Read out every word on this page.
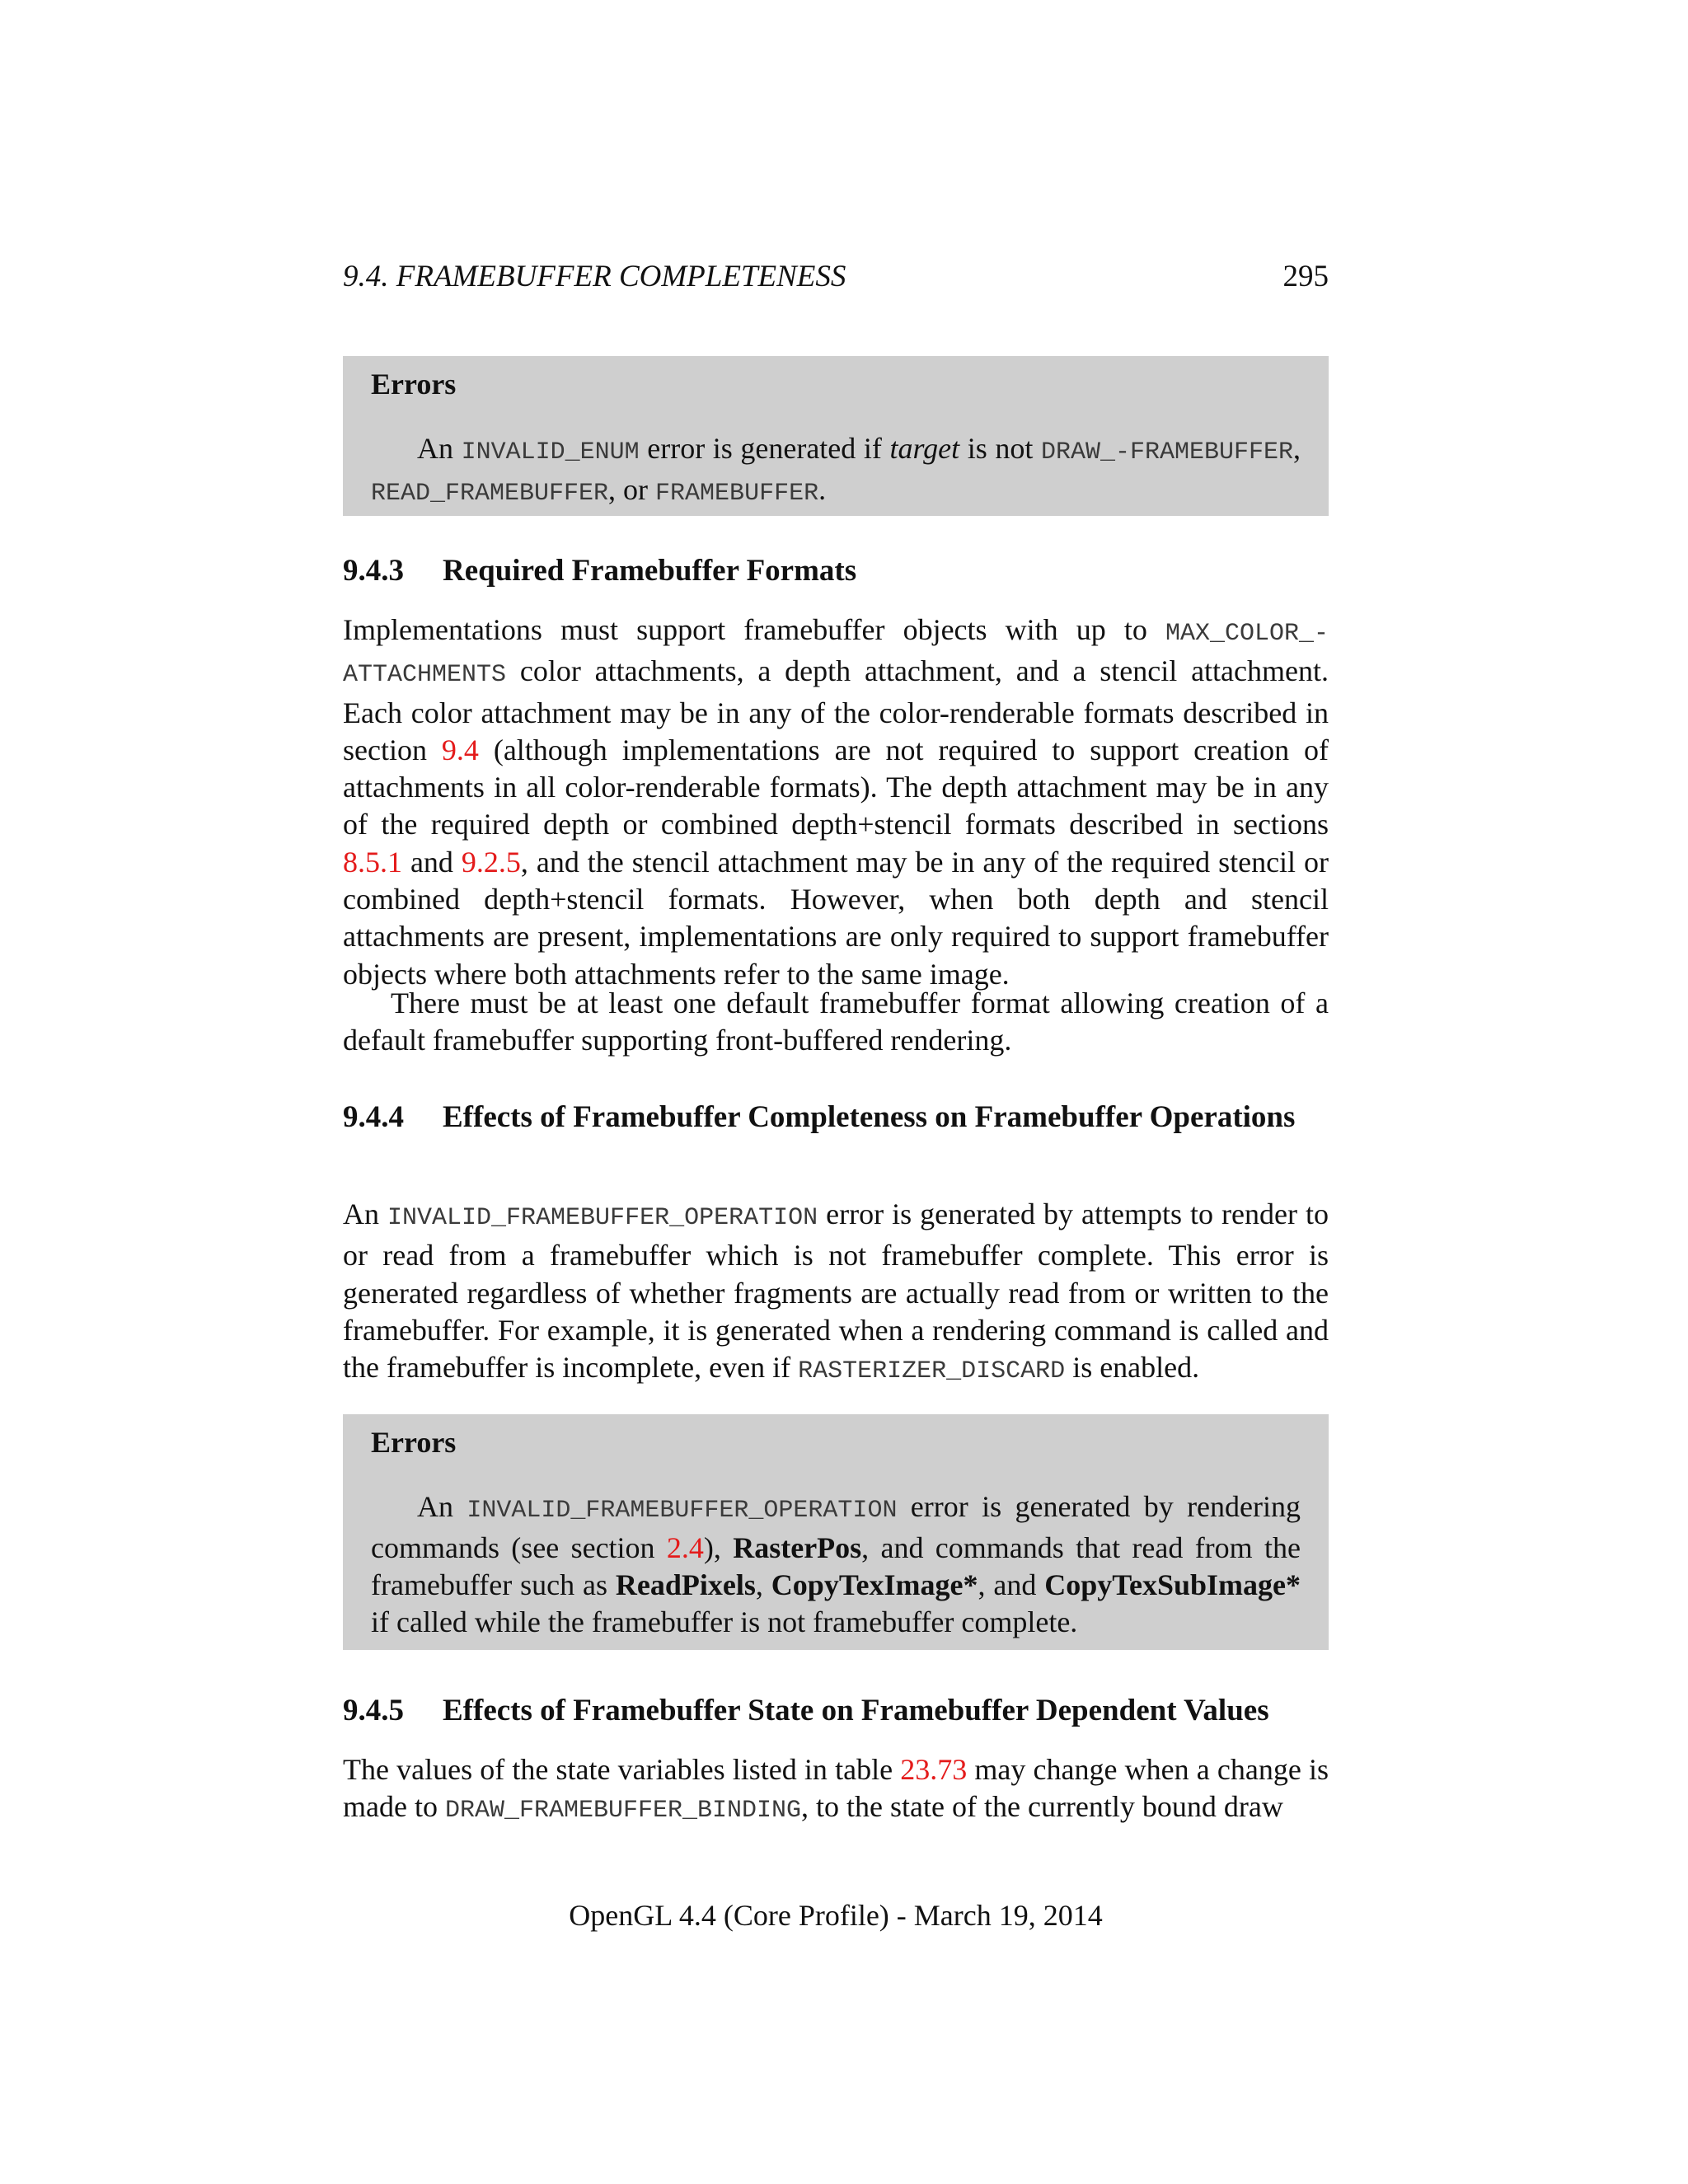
9.4. FRAMEBUFFER COMPLETENESS	295
Errors

An INVALID_ENUM error is generated if target is not DRAW_-FRAMEBUFFER, READ_FRAMEBUFFER, or FRAMEBUFFER.

9.4.3 Required Framebuffer Formats
Implementations must support framebuffer objects with up to MAX_COLOR_-ATTACHMENTS color attachments, a depth attachment, and a stencil attachment. Each color attachment may be in any of the color-renderable formats described in section 9.4 (although implementations are not required to support creation of attachments in all color-renderable formats). The depth attachment may be in any of the required depth or combined depth+stencil formats described in sections 8.5.1 and 9.2.5, and the stencil attachment may be in any of the required stencil or combined depth+stencil formats. However, when both depth and stencil attachments are present, implementations are only required to support framebuffer objects where both attachments refer to the same image.
There must be at least one default framebuffer format allowing creation of a default framebuffer supporting front-buffered rendering.
9.4.4 Effects of Framebuffer Completeness on Framebuffer Operations
An INVALID_FRAMEBUFFER_OPERATION error is generated by attempts to render to or read from a framebuffer which is not framebuffer complete. This error is generated regardless of whether fragments are actually read from or written to the framebuffer. For example, it is generated when a rendering command is called and the framebuffer is incomplete, even if RASTERIZER_DISCARD is enabled.
Errors

An INVALID_FRAMEBUFFER_OPERATION error is generated by rendering commands (see section 2.4), RasterPos, and commands that read from the framebuffer such as ReadPixels, CopyTexImage*, and CopyTexSubImage* if called while the framebuffer is not framebuffer complete.

9.4.5 Effects of Framebuffer State on Framebuffer Dependent Values
The values of the state variables listed in table 23.73 may change when a change is made to DRAW_FRAMEBUFFER_BINDING, to the state of the currently bound draw
OpenGL 4.4 (Core Profile) - March 19, 2014
